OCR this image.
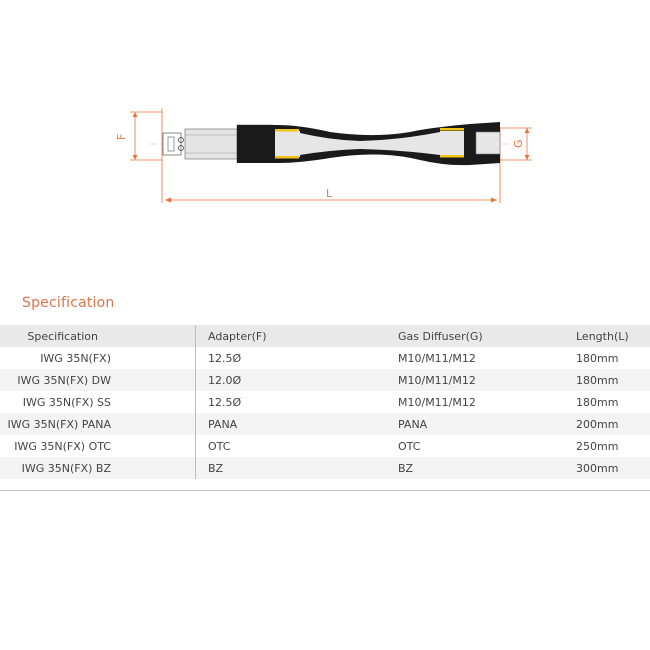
F
G
L
Specification
Specification	Adapter(F)	Gas Diffuser(G)	Length(L)
IWG 35N(FX)	12.5Ø	M10/M11/M12	180mm
IWG 35N(FX) DW	12.0Ø	M10/M11/M12	180mm
IWG 35N(FX) SS	12.5Ø	M10/M11/M12	180mm
IWG 35N(FX) PANA	PANA	PANA	200mm
IWG 35N(FX) OTC	OTC	OTC	250mm
IWG 35N(FX) BZ	BZ	BZ	300mm
